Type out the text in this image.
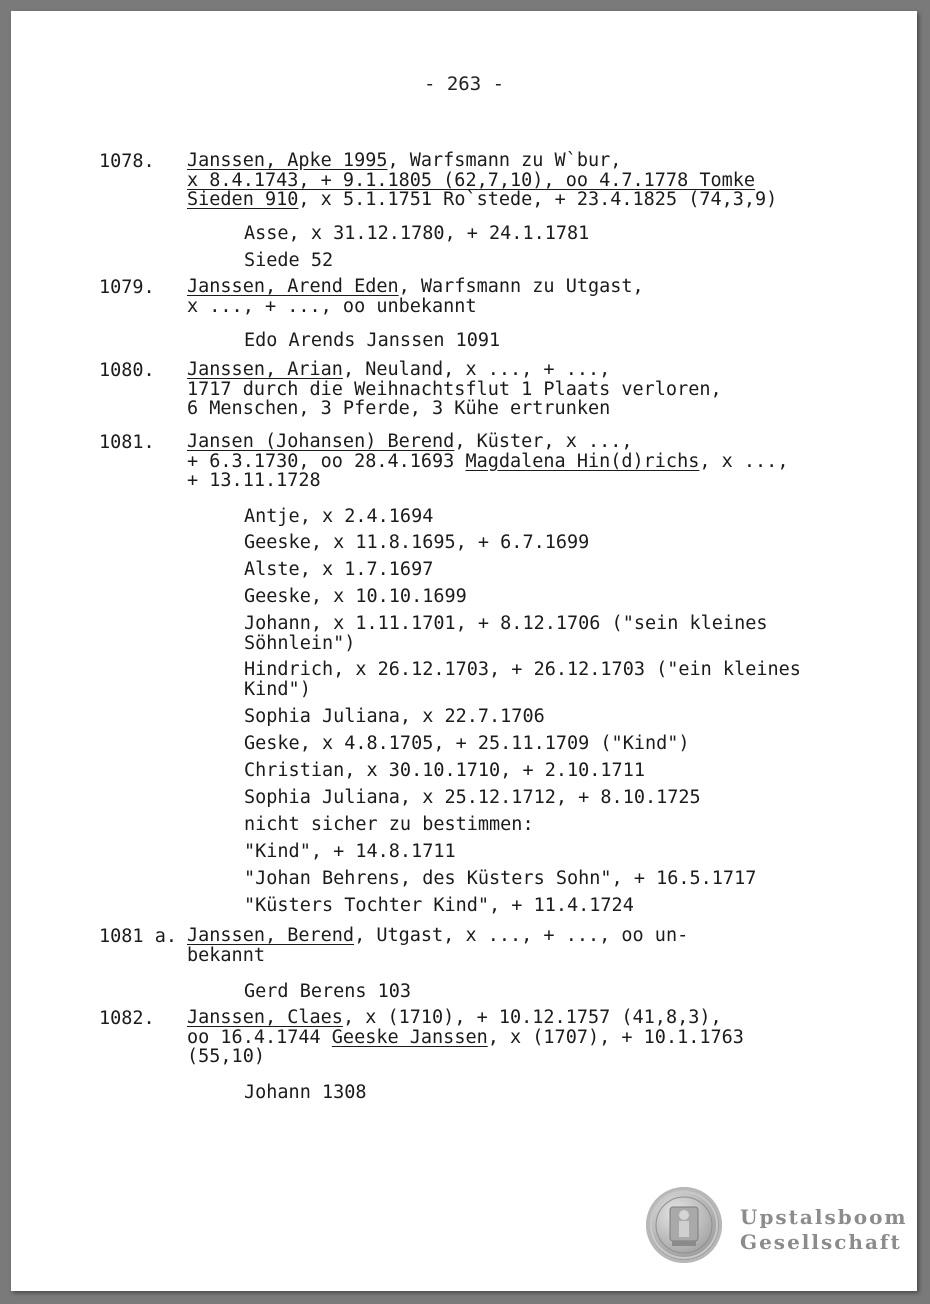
- 263 -
1078. Janssen, Apke 1995, Warfsmann zu W`bur,
x 8.4.1743, + 9.1.1805 (62,7,10), oo 4.7.1778 Tomke
Sieden 910, x 5.1.1751 Ro`stede, + 23.4.1825 (74,3,9)
Asse, x 31.12.1780, + 24.1.1781
Siede 52
1079. Janssen, Arend Eden, Warfsmann zu Utgast,
x ..., + ..., oo unbekannt
Edo Arends Janssen 1091
1080. Janssen, Arian, Neuland, x ..., + ...,
1717 durch die Weihnachtsflut 1 Plaats verloren,
6 Menschen, 3 Pferde, 3 Kühe ertrunken
1081. Jansen (Johansen) Berend, Küster, x ...,
+ 6.3.1730, oo 28.4.1693 Magdalena Hin(d)richs, x ...,
+ 13.11.1728
Antje, x 2.4.1694
Geeske, x 11.8.1695, + 6.7.1699
Alste, x 1.7.1697
Geeske, x 10.10.1699
Johann, x 1.11.1701, + 8.12.1706 ("sein kleines
Söhnlein")
Hindrich, x 26.12.1703, + 26.12.1703 ("ein kleines
Kind")
Sophia Juliana, x 22.7.1706
Geske, x 4.8.1705, + 25.11.1709 ("Kind")
Christian, x 30.10.1710, + 2.10.1711
Sophia Juliana, x 25.12.1712, + 8.10.1725
nicht sicher zu bestimmen:
"Kind", + 14.8.1711
"Johan Behrens, des Küsters Sohn", + 16.5.1717
"Küsters Tochter Kind", + 11.4.1724
1081 a. Janssen, Berend, Utgast, x ..., + ..., oo un-
bekannt
Gerd Berens 103
1082. Janssen, Claes, x (1710), + 10.12.1757 (41,8,3),
oo 16.4.1744 Geeske Janssen, x (1707), + 10.1.1763
(55,10)
Johann 1308
Upstalsboom
Gesellschaft
